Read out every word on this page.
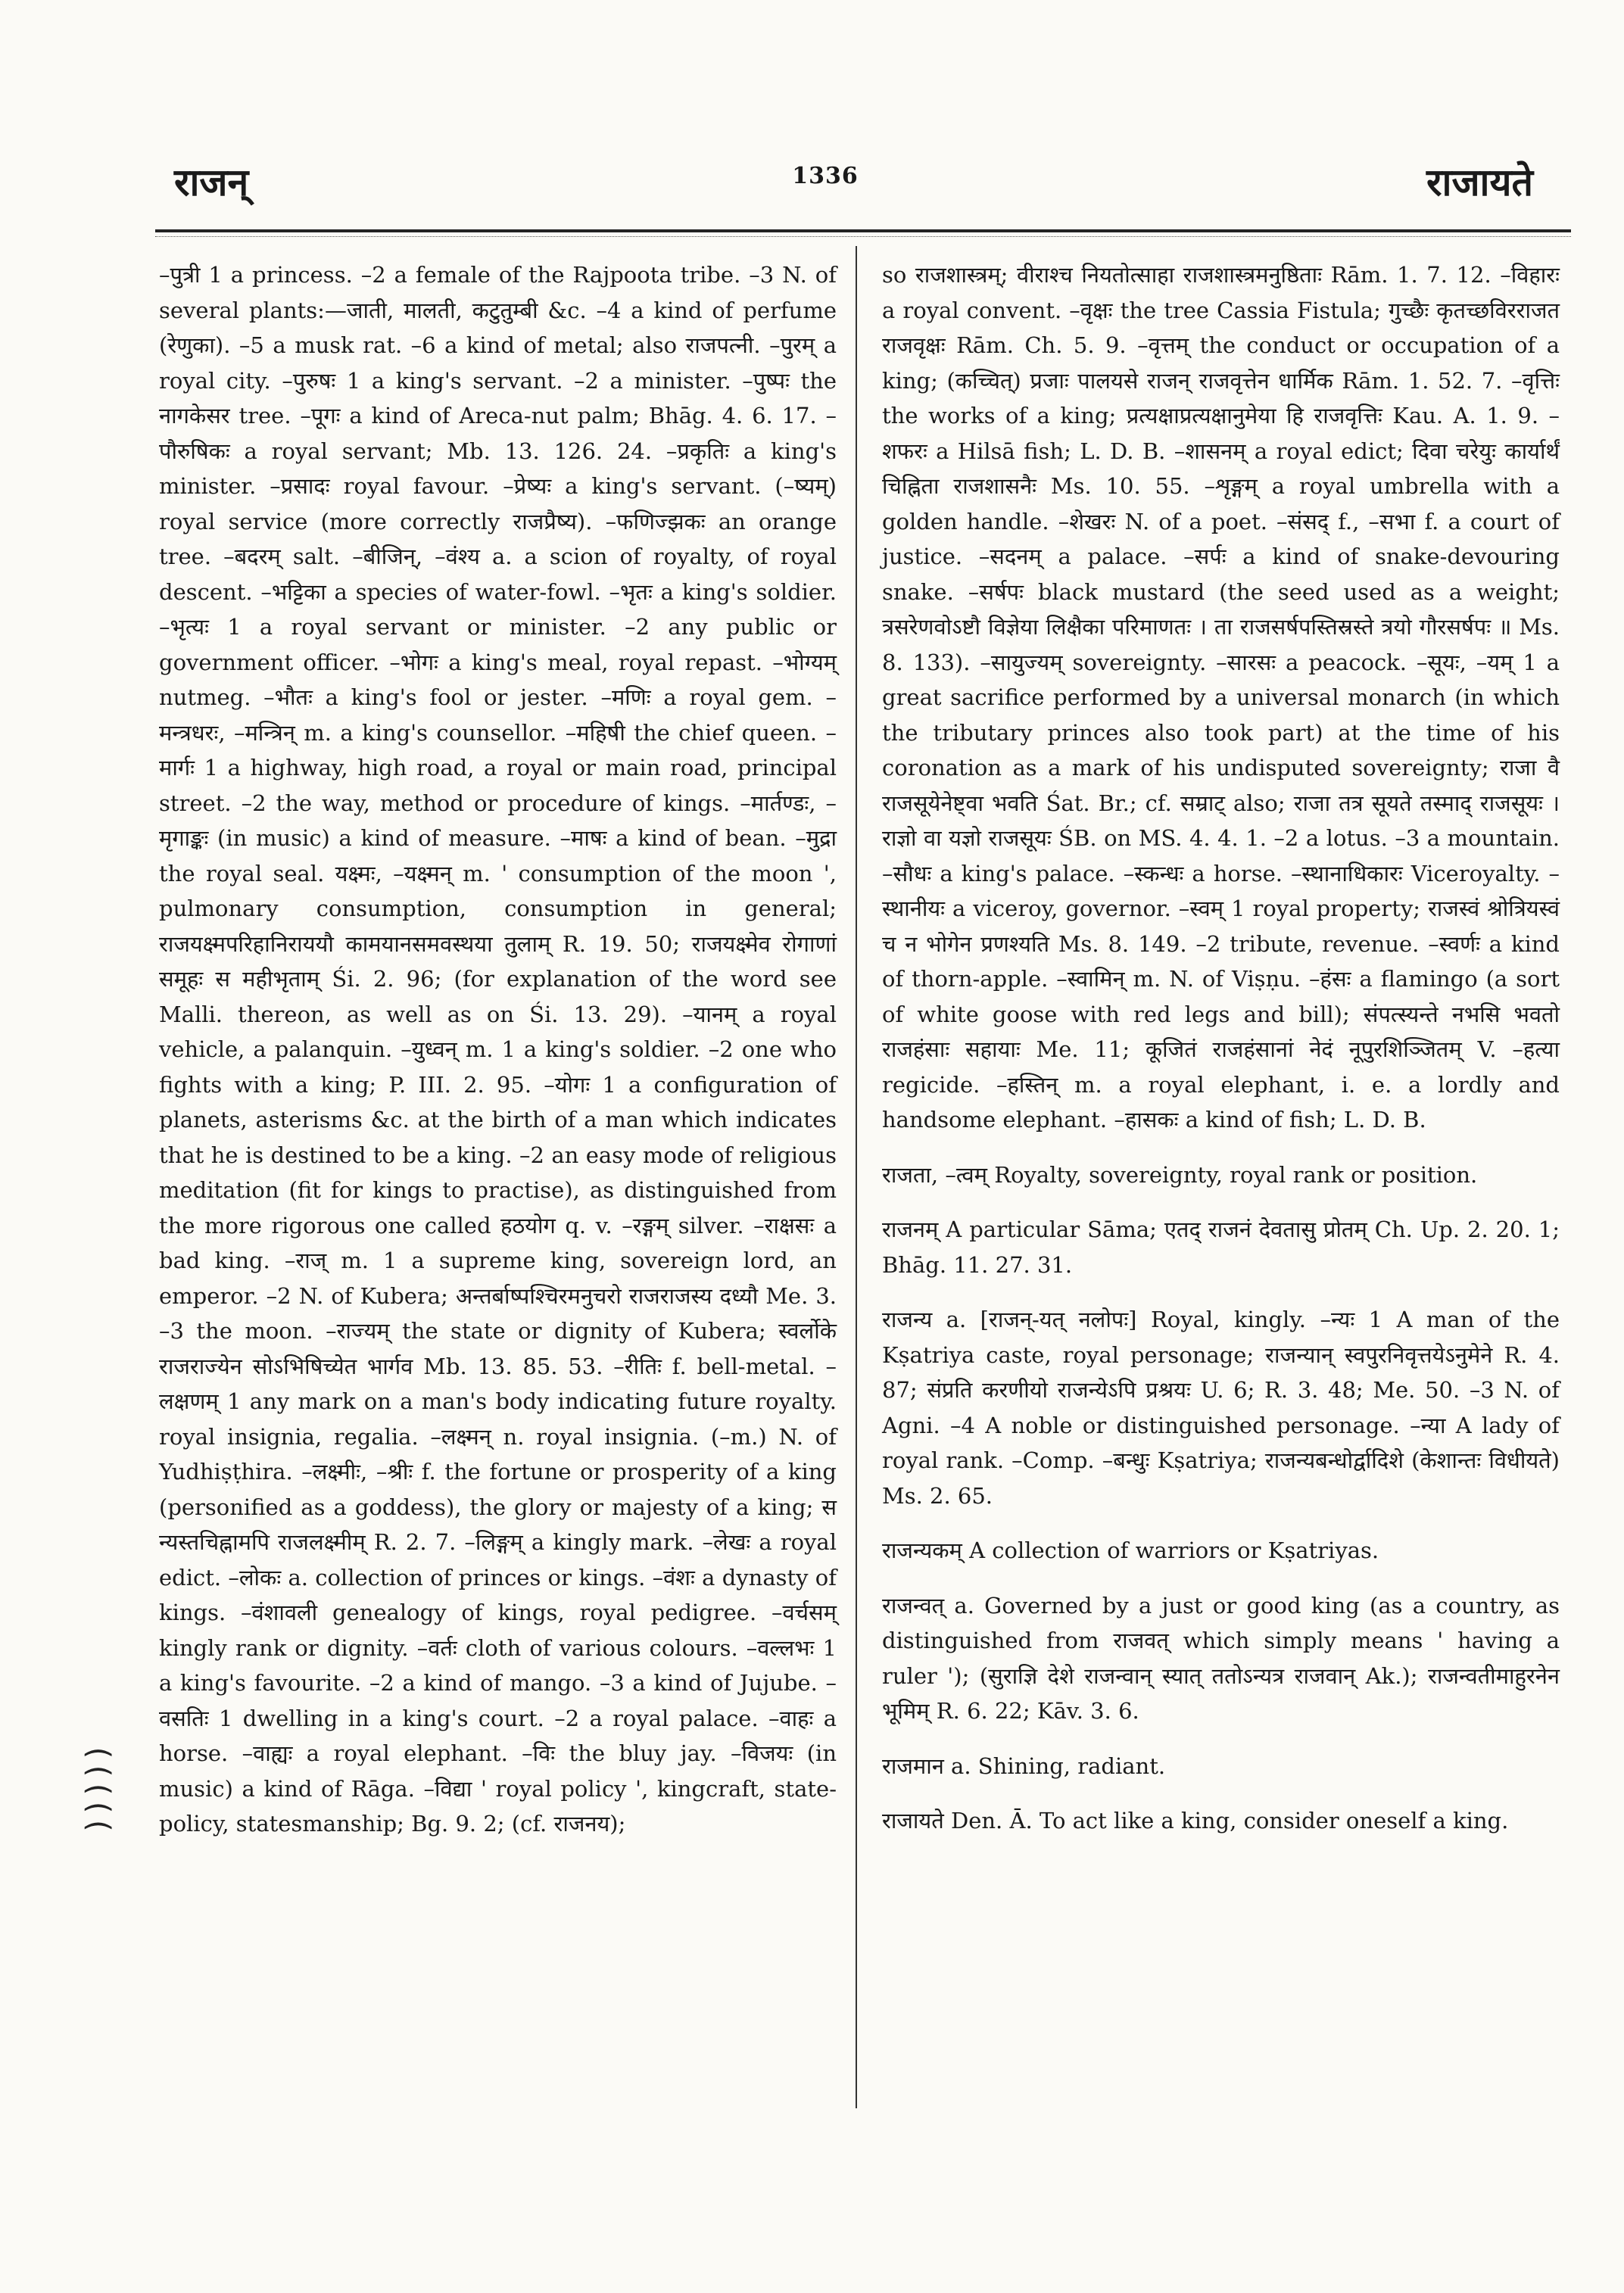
राजन्	1336	राजायते

–पुत्री 1 a princess. –2 a female of the Rajpoota tribe. –3 N. of several plants:—जाती, मालती, कटुतुम्बी &c. –4 a kind of perfume (रेणुका). –5 a musk rat. –6 a kind of metal; also राजपत्नी. –पुरम् a royal city. –पुरुषः 1 a king's servant. –2 a minister. –पुष्पः the नागकेसर tree. –पूगः a kind of Areca-nut palm; Bhāg. 4. 6. 17. –पौरुषिकः a royal servant; Mb. 13. 126. 24. –प्रकृतिः a king's minister. –प्रसादः royal favour. –प्रेष्यः a king's servant. (–ष्यम्) royal service (more correctly राजप्रैष्य). –फणिज्झकः an orange tree. –बदरम् salt. –बीजिन्, –वंश्य a. a scion of royalty, of royal descent. –भट्टिका a species of water-fowl. –भृतः a king's soldier. –भृत्यः 1 a royal servant or minister. –2 any public or government officer. –भोगः a king's meal, royal repast. –भोग्यम् nutmeg. –भौतः a king's fool or jester. –मणिः a royal gem. –मन्त्रधरः, –मन्त्रिन् m. a king's counsellor. –महिषी the chief queen. –मार्गः 1 a highway, high road, a royal or main road, principal street. –2 the way, method or procedure of kings. –मार्तण्डः, –मृगाङ्कः (in music) a kind of measure. –माषः a kind of bean. –मुद्रा the royal seal. यक्ष्मः, –यक्ष्मन् m. ' consumption of the moon ', pulmonary consumption, consumption in general; राजयक्ष्मपरिहानिराययौ कामयानसमवस्थया तुलाम् R. 19. 50; राजयक्ष्मेव रोगाणां समूहः स महीभृताम् Śi. 2. 96; (for explanation of the word see Malli. thereon, as well as on Śi. 13. 29). –यानम् a royal vehicle, a palanquin. –युध्वन् m. 1 a king's soldier. –2 one who fights with a king; P. III. 2. 95. –योगः 1 a configuration of planets, asterisms &c. at the birth of a man which indicates that he is destined to be a king. –2 an easy mode of religious meditation (fit for kings to practise), as distinguished from the more rigorous one called हठयोग q. v. –रङ्गम् silver. –राक्षसः a bad king. –राज् m. 1 a supreme king, sovereign lord, an emperor. –2 N. of Kubera; अन्तर्बाष्पश्चिरमनुचरो राजराजस्य दध्यौ Me. 3. –3 the moon. –राज्यम् the state or dignity of Kubera; स्वर्लोके राजराज्येन सोऽभिषिच्येत भार्गव Mb. 13. 85. 53. –रीतिः f. bell-metal. –लक्षणम् 1 any mark on a man's body indicating future royalty. royal insignia, regalia. –लक्ष्मन् n. royal insignia. (–m.) N. of Yudhiṣṭhira. –लक्ष्मीः, –श्रीः f. the fortune or prosperity of a king (personified as a goddess), the glory or majesty of a king; स न्यस्तचिह्नामपि राजलक्ष्मीम् R. 2. 7. –लिङ्गम् a kingly mark. –लेखः a royal edict. –लोकः a. collection of princes or kings. –वंशः a dynasty of kings. –वंशावली genealogy of kings, royal pedigree. –वर्चसम् kingly rank or dignity. –वर्तः cloth of various colours. –वल्लभः 1 a king's favourite. –2 a kind of mango. –3 a kind of Jujube. –वसतिः 1 dwelling in a king's court. –2 a royal palace. –वाहः a horse. –वाह्यः a royal elephant. –विः the bluy jay. –विजयः (in music) a kind of Rāga. –विद्या ' royal policy ', kingcraft, state-policy, statesmanship; Bg. 9. 2; (cf. राजनय);

so राजशास्त्रम्; वीराश्च नियतोत्साहा राजशास्त्रमनुष्ठिताः Rām. 1. 7. 12. –विहारः a royal convent. –वृक्षः the tree Cassia Fistula; गुच्छैः कृतच्छविरराजत राजवृक्षः Rām. Ch. 5. 9. –वृत्तम् the conduct or occupation of a king; (कच्चित्) प्रजाः पालयसे राजन् राजवृत्तेन धार्मिक Rām. 1. 52. 7. –वृत्तिः the works of a king; प्रत्यक्षाप्रत्यक्षानुमेया हि राजवृत्तिः Kau. A. 1. 9. –शफरः a Hilsā fish; L. D. B. –शासनम् a royal edict; दिवा चरेयुः कार्यार्थं चिह्निता राजशासनैः Ms. 10. 55. –शृङ्गम् a royal umbrella with a golden handle. –शेखरः N. of a poet. –संसद् f., –सभा f. a court of justice. –सदनम् a palace. –सर्पः a kind of snake-devouring snake. –सर्षपः black mustard (the seed used as a weight; त्रसरेणवोऽष्टौ विज्ञेया लिक्षैका परिमाणतः । ता राजसर्षपस्तिस्रस्ते त्रयो गौरसर्षपः ॥ Ms. 8. 133). –सायुज्यम् sovereignty. –सारसः a peacock. –सूयः, –यम् 1 a great sacrifice performed by a universal monarch (in which the tributary princes also took part) at the time of his coronation as a mark of his undisputed sovereignty; राजा वै राजसूयेनेष्ट्वा भवति Śat. Br.; cf. सम्राट् also; राजा तत्र सूयते तस्माद् राजसूयः । राज्ञो वा यज्ञो राजसूयः ŚB. on MS. 4. 4. 1. –2 a lotus. –3 a mountain. –सौधः a king's palace. –स्कन्धः a horse. –स्थानाधिकारः Viceroyalty. –स्थानीयः a viceroy, governor. –स्वम् 1 royal property; राजस्वं श्रोत्रियस्वं च न भोगेन प्रणश्यति Ms. 8. 149. –2 tribute, revenue. –स्वर्णः a kind of thorn-apple. –स्वामिन् m. N. of Viṣṇu. –हंसः a flamingo (a sort of white goose with red legs and bill); संपत्स्यन्ते नभसि भवतो राजहंसाः सहायाः Me. 11; कूजितं राजहंसानां नेदं नूपुरशिञ्जितम् V. –हत्या regicide. –हस्तिन् m. a royal elephant, i. e. a lordly and handsome elephant. –हासकः a kind of fish; L. D. B.

राजता, –त्वम् Royalty, sovereignty, royal rank or position.

राजनम् A particular Sāma; एतद् राजनं देवतासु प्रोतम् Ch. Up. 2. 20. 1; Bhāg. 11. 27. 31.

राजन्य a. [राजन्-यत् नलोपः] Royal, kingly. –न्यः 1 A man of the Kṣatriya caste, royal personage; राजन्यान् स्वपुरनिवृत्तयेऽनुमेने R. 4. 87; संप्रति करणीयो राजन्येऽपि प्रश्रयः U. 6; R. 3. 48; Me. 50. –3 N. of Agni. –4 A noble or distinguished personage. –न्या A lady of royal rank. –Comp. –बन्धुः Kṣatriya; राजन्यबन्धोर्द्वादिशे (केशान्तः विधीयते) Ms. 2. 65.

राजन्यकम् A collection of warriors or Kṣatriyas.

राजन्वत् a. Governed by a just or good king (as a country, as distinguished from राजवत् which simply means ' having a ruler '); (सुराज्ञि देशे राजन्वान् स्यात् ततोऽन्यत्र राजवान् Ak.); राजन्वतीमाहुरनेन भूमिम् R. 6. 22; Kāv. 3. 6.

राजमान a. Shining, radiant.

राजायते Den. Ā. To act like a king, consider oneself a king.

(((((
